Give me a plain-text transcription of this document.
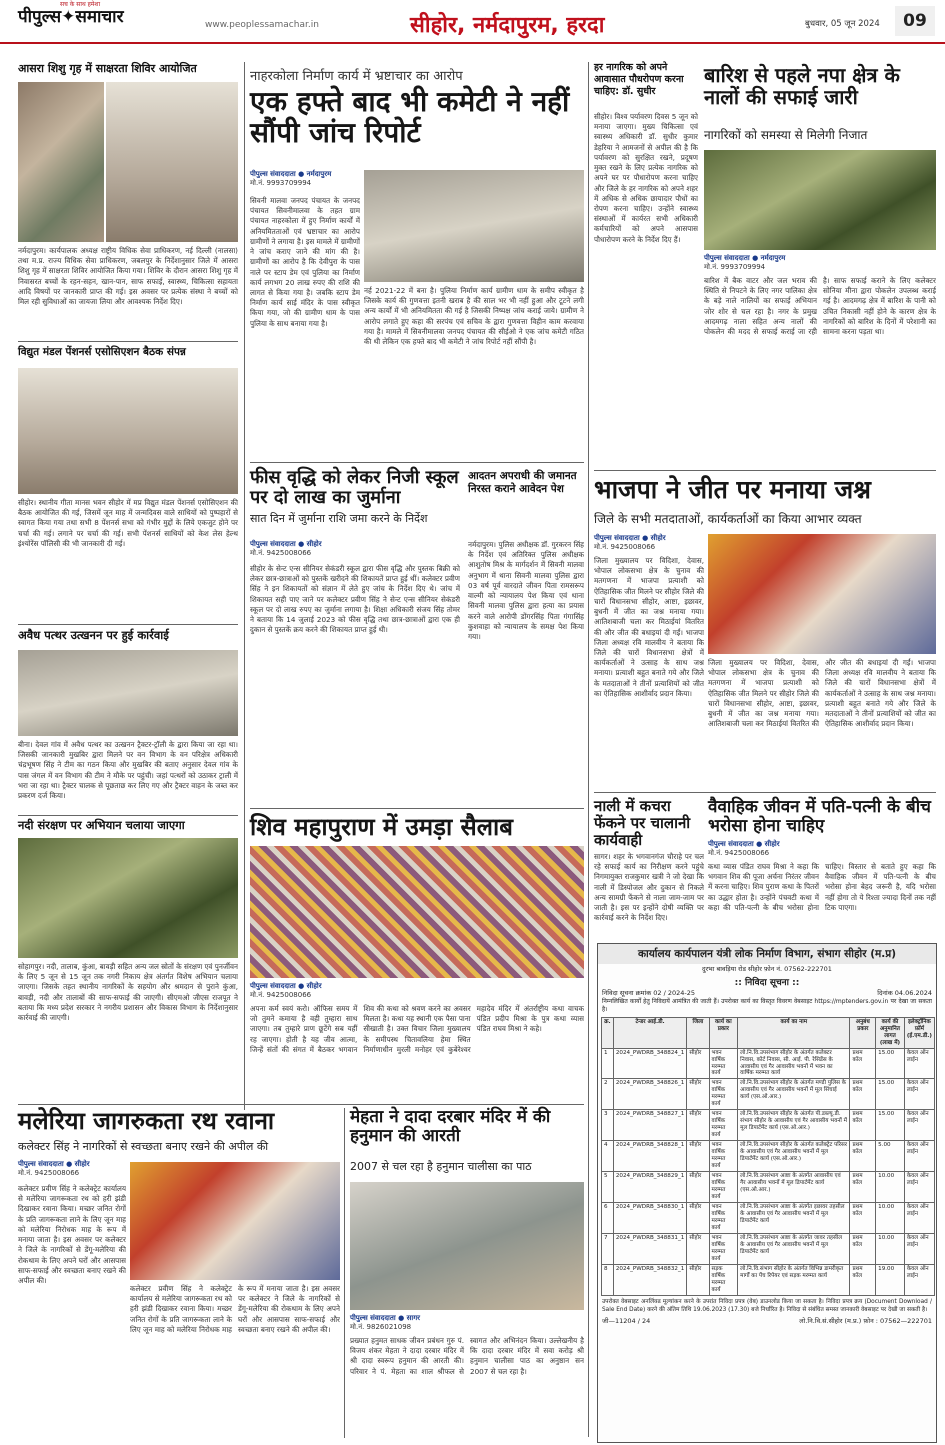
सच के साथ हमेशा
पीपुल्स✦समाचार	www.peoplessamachar.in	सीहोर, नर्मदापुरम, हरदा	बुधवार, 05 जून 2024	09
आसरा शिशु गृह में साक्षरता शिविर आयोजित
नर्मदापुरम। कार्यपालक अध्यक्ष राष्ट्रीय विधिक सेवा प्राधिकरण, नई दिल्ली (नालसा) तथा म.प्र. राज्य विधिक सेवा प्राधिकरण, जबलपुर के निर्देशानुसार जिले में आसरा शिशु गृह में साक्षरता शिविर आयोजित किया गया। शिविर के दौरान आसरा शिशु गृह में निवासरत बच्चों के रहन-सहन, खान-पान, साफ सफाई, स्वास्थ्य, चिकित्सा सहायता आदि विषयों पर जानकारी प्राप्त की गई। इस अवसर पर प्रत्येक संस्था ने बच्चों को मिल रही सुविधाओं का जायजा लिया और आवश्यक निर्देश दिए।
विद्युत मंडल पेंशनर्स एसोसिएशन बैठक संपन्न
सीहोर। स्थानीय गीता मानस भवन सीहोर में मप्र विद्युत मंडल पेंशनर्स एसोसिएशन की बैठक आयोजित की गई, जिसमें जून माह में जन्मदिवस वाले साथियों को पुष्पहारों से स्वागत किया गया तथा सभी 8 पेंशनर्स सभा को गंभीर मुद्दों के लिये एकजुट होने पर चर्चा की गई। लगाने पर चर्चा की गई। सभी पेंशनर्स साथियों को केश लेस हेल्थ इंश्योरेंस पॉलिसी की भी जानकारी दी गई।
अवैध पत्थर उत्खनन पर हुई कार्रवाई
बीना। देवल गांव में अवैध पत्थर का उत्खनन ट्रैक्टर-ट्रॉली के द्वारा किया जा रहा था। जिसकी जानकारी मुखबिर द्वारा मिलने पर वन विभाग के वन परिक्षेत्र अधिकारी चंद्रभूषण सिंह ने टीम का गठन किया और मुखबिर की बताए अनुसार देवल गांव के पास जंगल में वन विभाग की टीम ने मौके पर पहुंची। जहां पत्थरों को उठाकर ट्राली में भरा जा रहा था। ट्रैक्टर चालक से पूछताछ कर लिए गए और ट्रैक्टर वाहन के जब्त कर प्रकरण दर्ज किया।
नदी संरक्षण पर अभियान चलाया जाएगा
सोहागपुर। नदी, तालाब, कुंआ, बावड़ी सहित अन्य जल स्रोतों के संरक्षण एवं पुनर्जीवन के लिए 5 जून से 15 जून तक नगरी निकाय क्षेत्र अंतर्गत विशेष अभियान चलाया जाएगा। जिसके तहत स्थानीय नागरिकों के सहयोग और श्रमदान से पुराने कुंआ, बावड़ी, नदी और तालाबों की साफ-सफाई की जाएगी। सीएमओ जीएस राजपूत ने बताया कि मध्य प्रदेश सरकार ने नगरीय प्रशासन और विकास विभाग के निर्देशानुसार कार्रवाई की जाएगी।
नाहरकोला निर्माण कार्य में भ्रष्टाचार का आरोप
एक हफ्ते बाद भी कमेटी ने नहीं सौंपी जांच रिपोर्ट
पीपुल्स संवाददाता ● नर्मदापुरम
मो.नं. 9993709994
सिवनी मालवा जनपद पंचायत के जनपद पंचायत सिवनीमालवा के तहत ग्राम पंचायत नाहरकोला में हुए निर्माण कार्यों में अनियमितताओं एवं भ्रष्टाचार का आरोप ग्रामीणों ने लगाया है। इस मामले में ग्रामीणों ने जांच कराए जाने की मांग की है। ग्रामीणों का आरोप है कि देवीपुरा के पास नाले पर स्टाप डेम एवं पुलिया का निर्माण कार्य लगभग 20 लाख रुपए की राशि की लागत से किया गया है। जबकि स्टाप डेम निर्माण कार्य साई मंदिर के पास स्वीकृत किया गया, जो की ग्रामीण धाम के पास पुलिया के साथ बनाया गया है।
नर्ह 2021-22 में बना है। पुलिया निर्माण कार्य ग्रामीण धाम के समीप स्वीकृत है जिसके कार्य की गुणवत्ता इतनी खराब है की साल भर भी नहीं हुआ और टूटने लगी अन्य कार्यों में भी अनियमितता की गई है जिसकी निष्पक्ष जांच कराई जाये। ग्रामीण ने आरोप लगाते हुए कहा की सरपंच एवं सचिव के द्वारा गुणवत्ता विहीन काम करवाया गया है। मामले में सिवनीमालवा जनपद पंचायत की सीईओ ने एक जांच कमेटी गठित की थी लेकिन एक हफ्ते बाद भी कमेटी ने जांच रिपोर्ट नहीं सौंपी है।
फीस वृद्धि को लेकर निजी स्कूल पर दो लाख का जुर्माना
सात दिन में जुर्माना राशि जमा करने के निर्देश
पीपुल्स संवाददाता ● सीहोर
मो.नं. 9425008066
सीहोर के सेन्ट एन्स सीनियर सेकंडरी स्कूल द्वारा फीस वृद्धि और पुस्तक बिक्री को लेकर छात्र-छात्राओं को पुस्तकें खरीदने की शिकायतें प्राप्त हुई थीं। कलेक्टर प्रवीण सिंह ने इन शिकायतों को संज्ञान में लेते हुए जांच के निर्देश दिए थे। जांच में शिकायत सही पाए जाने पर कलेक्टर प्रवीण सिंह ने सेन्ट एन्स सीनियर सेकंडरी स्कूल पर दो लाख रुपए का जुर्माना लगाया है। शिक्षा अधिकारी संजय सिंह तोमर ने बताया कि 14 जुलाई 2023 को फीस वृद्धि तथा छात्र-छात्राओं द्वारा एक ही दुकान से पुस्तकें क्रय करने की शिकायत प्राप्त हुई थी।
आदतन अपराधी की जमानत निरस्त कराने आवेदन पेश
नर्मदापुरम। पुलिस अधीक्षक डॉ. गुरकरन सिंह के निर्देश एवं अतिरिक्त पुलिस अधीक्षक आशुतोष मिश्र के मार्गदर्शन में सिवनी मालवा अनुभाग में थाना सिवनी मालवा पुलिस द्वारा 03 वर्ष पूर्व वारदाते जीवन पिता रामसरूप वाल्मी को न्यायालय पेश किया एवं थाना सिवनी मालवा पुलिस द्वारा हत्या का प्रयास करने वाले आरोपी डोंगरसिंह पिता गंगासिंह कुशवाहा को न्यायालय के समक्ष पेश किया गया।
शिव महापुराण में उमड़ा सैलाब
पीपुल्स संवाददाता ● सीहोर
मो.नं. 9425008066
अपना कर्म स्वयं करो। ऑफिस समय में जो तुमने कमाया है वही तुम्हारा साथ जाएगा। तब तुम्हारे प्राण छूटेंगे सब यहीं रह जाएगा। होती है यह जीव आत्मा, जिन्हें संतों की संगत में बैठकर भगवान शिव की कथा को श्रवण करने का अवसर मिलता है। कथा यह स्थानी एक पैसा पाना सीखाती है। उक्त विचार जिला मुख्यालय के समीपस्थ चितावलिया हेमा स्थित निर्माणाधीन मुरली मनोहर एवं कुबेरेश्वर महादेव मंदिर में अंतर्राष्ट्रीय कथा वाचक पंडित प्रदीप मिश्रा के पुत्र कथा व्यास पंडित राघव मिश्रा ने कहे।
मलेरिया जागरुकता रथ रवाना
कलेक्टर सिंह ने नागरिकों से स्वच्छता बनाए रखने की अपील की
पीपुल्स संवाददाता ● सीहोर
मो.नं. 9425008066
कलेक्टर प्रवीण सिंह ने कलेक्ट्रेट कार्यालय से मलेरिया जागरूकता रथ को हरी झंडी दिखाकर रवाना किया। मच्छर जनित रोगों के प्रति जागरूकता लाने के लिए जून माह को मलेरिया निरोधक माह के रूप में मनाया जाता है। इस अवसर पर कलेक्टर ने जिले के नागरिकों से डेंगू-मलेरिया की रोकथाम के लिए अपने घरों और आसपास साफ-सफाई और स्वच्छता बनाए रखने की अपील की।
कलेक्टर प्रवीण सिंह ने कलेक्ट्रेट कार्यालय से मलेरिया जागरूकता रथ को हरी झंडी दिखाकर रवाना किया। मच्छर जनित रोगों के प्रति जागरूकता लाने के लिए जून माह को मलेरिया निरोधक माह के रूप में मनाया जाता है। इस अवसर पर कलेक्टर ने जिले के नागरिकों से डेंगू-मलेरिया की रोकथाम के लिए अपने घरों और आसपास साफ-सफाई और स्वच्छता बनाए रखने की अपील की।
मेहता ने दादा दरबार मंदिर में की हनुमान की आरती
2007 से चल रहा है हनुमान चालीसा का पाठ
पीपुल्स संवाददाता ● सागर
मो.नं. 9826021098
प्रख्यात हनुमत साधक जीवन प्रबंधन गुरु पं. विजय शंकर मेहता ने दादा दरबार मंदिर में श्री दादा स्वरूप हनुमान की आरती की। परिवार ने पं. मेहता का शाल श्रीफल से स्वागत और अभिनंदन किया। उल्लेखनीय है कि दादा दरबार मंदिर में सवा करोड़ श्री हनुमान चालीसा पाठ का अनुष्ठान सन 2007 से चल रहा है।
हर नागरिक को अपने आवासात पौधरोपण करना चाहिए: डॉ. सुधीर
सीहोर। विश्व पर्यावरण दिवस 5 जून को मनाया जाएगा। मुख्य चिकित्सा एवं स्वास्थ्य अधिकारी डॉ. सुधीर कुमार डेहरिया ने आमजनों से अपील की है कि पर्यावरण को सुरक्षित रखने, प्रदूषण मुक्त रखने के लिए प्रत्येक नागरिक को अपने घर पर पौधारोपण करना चाहिए और जिले के हर नागरिक को अपने शहर में अधिक से अधिक छायादार पौधों का रोपण करना चाहिए। उन्होंने स्वास्थ्य संस्थाओं में कार्यरत सभी अधिकारी कर्मचारियों को अपने आसपास पौधारोपण करने के निर्देश दिए हैं।
बारिश से पहले नपा क्षेत्र के नालों की सफाई जारी
नागरिकों को समस्या से मिलेगी निजात
पीपुल्स संवाददाता ● नर्मदापुरम
मो.नं. 9993709994
बारिश में बैक वाटर और जल भराव की स्थिति से निपटने के लिए नगर पालिका क्षेत्र के बड़े नाले नालियों का सफाई अभियान जोर शोर से चल रहा है। नगर के प्रमुख आदमगढ़ नाला सहित अन्य नालों की पोकलेन की मदद से सफाई कराई जा रही है। साफ सफाई कराने के लिए कलेक्टर सोनिया मीना द्वारा पोकलेन उपलब्ध कराई गई है। आदमगढ़ क्षेत्र में बारिश के पानी को उचित निकासी नहीं होने के कारण क्षेत्र के नागरिकों को बारिश के दिनों में परेशानी का सामना करना पड़ता था।
भाजपा ने जीत पर मनाया जश्न
जिले के सभी मतदाताओं, कार्यकर्ताओं का किया आभार व्यक्त
पीपुल्स संवाददाता ● सीहोर
मो.नं. 9425008066
जिला मुख्यालय पर विदिशा, देवास, भोपाल लोकसभा क्षेत्र के चुनाव की मतगणना में भाजपा प्रत्याशी को ऐतिहासिक जीत मिलने पर सीहोर जिले की चारों विधानसभा सीहोर, आष्टा, इछावर, बुधनी में जीत का जश्न मनाया गया। आतिशबाजी चला कर मिठाईयां वितरित की और जीत की बधाइयां दी गईं। भाजपा जिला अध्यक्ष रवि मालवीय ने बताया कि जिले की चारों विधानसभा क्षेत्रों में कार्यकर्ताओं ने उत्साह के साथ जश्न मनाया। प्रत्याशी बहुत बनाते गये और जिले के मतदाताओं ने तीनों प्रत्याशियों को जीत का ऐतिहासिक आशीर्वाद प्रदान किया।
जिला मुख्यालय पर विदिशा, देवास, भोपाल लोकसभा क्षेत्र के चुनाव की मतगणना में भाजपा प्रत्याशी को ऐतिहासिक जीत मिलने पर सीहोर जिले की चारों विधानसभा सीहोर, आष्टा, इछावर, बुधनी में जीत का जश्न मनाया गया। आतिशबाजी चला कर मिठाईयां वितरित की और जीत की बधाइयां दी गईं। भाजपा जिला अध्यक्ष रवि मालवीय ने बताया कि जिले की चारों विधानसभा क्षेत्रों में कार्यकर्ताओं ने उत्साह के साथ जश्न मनाया। प्रत्याशी बहुत बनाते गये और जिले के मतदाताओं ने तीनों प्रत्याशियों को जीत का ऐतिहासिक आशीर्वाद प्रदान किया।
नाली में कचरा फेंकने पर चालानी कार्यवाही
सागर। शहर के भगवानगंज चौराहे पर चल रहे सफाई कार्य का निरीक्षण करने पहुंचे निगमायुक्त राजकुमार खत्री ने जो देखा कि नाली में डिस्पोजल और दुकान से निकले अन्य सामग्री फेंकने से नाला जाम-जाम पर जाती है। इस पर इन्होंने दोषी व्यक्ति पर कार्रवाई करने के निर्देश दिए।
वैवाहिक जीवन में पति-पत्नी के बीच भरोसा होना चाहिए
पीपुल्स संवाददाता ● सीहोर
मो.नं. 9425008066
कथा व्यास पंडित राघव मिश्रा ने कहा कि भगवान शिव की पूजा अर्चना निरंतर जीवन में करना चाहिए। शिव पुराण कथा के पितरों का उद्धार होता है। उन्होंने पंचवटी कथा में कहा की पति-पत्नी के बीच भरोसा होना चाहिए। विस्तार से बताते हुए कहा कि वैवाहिक जीवन में पति-पत्नी के बीच भरोसा होना बेहद जरूरी है, यदि भरोसा नहीं होगा तो ये रिश्ता ज्यादा दिनों तक नहीं टिक पाएगा।
कार्यालय कार्यपालन यंत्री लोक निर्माण विभाग, संभाग सीहोर (म.प्र)
दुरभा बावड़िया रोड सीहोर फ़ोन नं. 07562-222701
:: निविदा सूचना ::
निविदा सूचना क्रमांक 02 / 2024-25	दिनांक 04.06.2024
निम्नलिखित कार्यों हेतु निविदायें आमंत्रित की जाती हैं। उपरोक्त कार्य का विस्तृत विवरण वेबसाइट https://mptenders.gov.in पर देखा जा सकता है।
क्र.	टेन्डर आई.डी.	जिला	कार्य का प्रकार	कार्य का नाम	अनुबंध प्रकार	कार्य की अनुमानित लागत (लाख में)	इलेक्ट्रॉनिक फ़ॉर्म (ई.एम.डी.)
1	2024_PWDRB_348824_1	सीहोर	भवन वार्षिक मरम्मत कार्य	लो.नि.वि.उपसंभाग सीहोर के अंतर्गत कलेक्टर निवास, कोर्ट निवास, सी. आई. पी. रेसिडेंस के आवासीय एवं गैर आवासीय भवनों में भवन का वार्षिक मरम्मत कार्य	प्रथम कॉल	15.00	केवल ऑन लाईन
2	2024_PWDRB_348826_1	सीहोर	भवन वार्षिक मरम्मत कार्य	लो.नि.वि.उपसंभाग सीहोर के अंतर्गत मण्डी पुलिस के आवासीय एवं गैर आवासीय भवनों में मूल सिंचाई कार्य (एस.ओ.आर.)	प्रथम कॉल	15.00	केवल ऑन लाईन
3	2024_PWDRB_348827_1	सीहोर	भवन वार्षिक मरम्मत कार्य	लो.नि.वि.उपसंभाग सीहोर के अंतर्गत पी.डब्ल्यू.डी. संभाग सीहोर के आवासीय एवं गैर आवासीय भवनों में मूल डिपार्टमेंट कार्य (एस.ओ.आर.)	प्रथम कॉल	15.00	केवल ऑन लाईन
4	2024_PWDRB_348828_1	सीहोर	भवन वार्षिक मरम्मत कार्य	लो.नि.वि.उपसंभाग सीहोर के अंतर्गत कलेक्ट्रेट परिसर के आवासीय एवं गैर आवासीय भवनों में मूल डिपार्टमेंट कार्य (एस.ओ.आर.)	प्रथम कॉल	5.00	केवल ऑन लाईन
5	2024_PWDRB_348829_1	सीहोर	भवन वार्षिक मरम्मत कार्य	लो.नि.वि.उपसंभाग आष्टा के अंतर्गत आवासीय एवं गैर आवासीय भवनों में मूल डिपार्टमेंट कार्य (एस.ओ.आर.)	प्रथम कॉल	10.00	केवल ऑन लाईन
6	2024_PWDRB_348830_1	सीहोर	भवन वार्षिक मरम्मत कार्य	लो.नि.वि.उपसंभाग आष्टा के अंतर्गत इछावर तहसील के आवासीय एवं गैर आवासीय भवनों में मूल डिपार्टमेंट कार्य	प्रथम कॉल	10.00	केवल ऑन लाईन
7	2024_PWDRB_348831_1	सीहोर	भवन वार्षिक मरम्मत कार्य	लो.नि.वि.उपसंभाग आष्टा के अंतर्गत जावर तहसील के आवासीय एवं गैर आवासीय भवनों में मूल डिपार्टमेंट कार्य	प्रथम कॉल	10.00	केवल ऑन लाईन
8	2024_PWDRB_348832_1	सीहोर	सड़क वार्षिक मरम्मत कार्य	लो.नि.वि.संभाग सीहोर के अंतर्गत विभिन्न डामरीकृत मार्गों का पेंच रिपेयर एवं सड़क मरम्मत कार्य	प्रथम कॉल	19.00	केवल ऑन लाईन
उपरोक्त वेबसाइट अनलिंक्ड मूल्यांकन करने के उपरांत निविदा प्रपत्र (वेब) डाउनलोड किया जा सकता है। निविदा प्रपत्र क्रय (Document Download / Sale End Date) करने की अंतिम तिथि 19.06.2023 (17.30) बजे निर्धारित है। निविदा से संबंधित समस्त जानकारी वेबसाइट पर देखी जा सकती है।
जी—11204 / 24	लो.नि.वि.सं.सीहोर (म.प्र.) फ़ोन : 07562—222701
